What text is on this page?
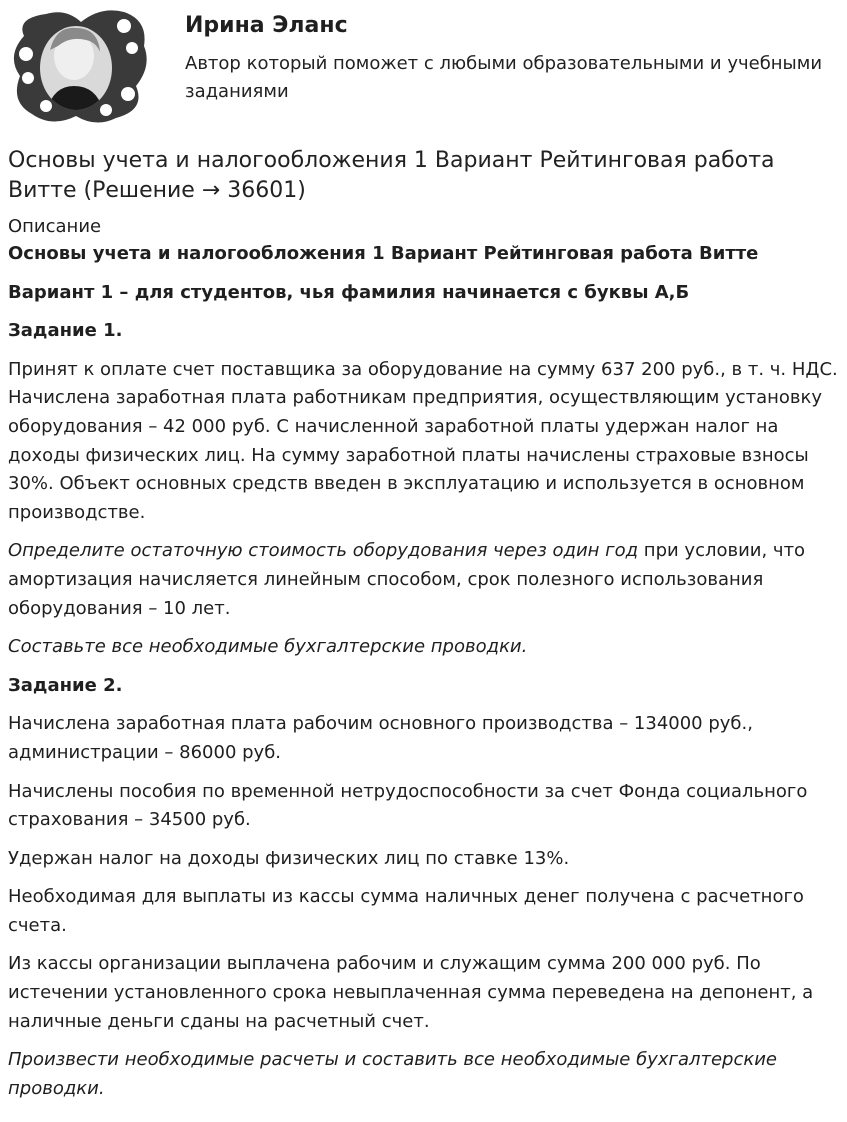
Ирина Эланс

Автор который поможет с любыми образовательными и учебными заданиями

Основы учета и налогообложения 1 Вариант Рейтинговая работа Витте (Решение → 36601)
Описание

Основы учета и налогообложения 1 Вариант Рейтинговая работа Витте

Вариант 1 – для студентов, чья фамилия начинается с буквы А,Б

Задание 1.

Принят к оплате счет поставщика за оборудование на сумму 637 200 руб., в т. ч. НДС. Начислена заработная плата работникам предприятия, осуществляющим установку оборудования – 42 000 руб. С начисленной заработной платы удержан налог на доходы физических лиц. На сумму заработной платы начислены страховые взносы 30%. Объект основных средств введен в эксплуатацию и используется в основном производстве.

Определите остаточную стоимость оборудования через один год при условии, что амортизация начисляется линейным способом, срок полезного использования оборудования – 10 лет.

Составьте все необходимые бухгалтерские проводки.

Задание 2.

Начислена заработная плата рабочим основного производства – 134000 руб., администрации – 86000 руб.

Начислены пособия по временной нетрудоспособности за счет Фонда социального страхования – 34500 руб.

Удержан налог на доходы физических лиц по ставке 13%.

Необходимая для выплаты из кассы сумма наличных денег получена с расчетного счета.

Из кассы организации выплачена рабочим и служащим сумма 200 000 руб. По истечении установленного срока невыплаченная сумма переведена на депонент, а наличные деньги сданы на расчетный счет.

Произвести необходимые расчеты и составить все необходимые бухгалтерские проводки.
